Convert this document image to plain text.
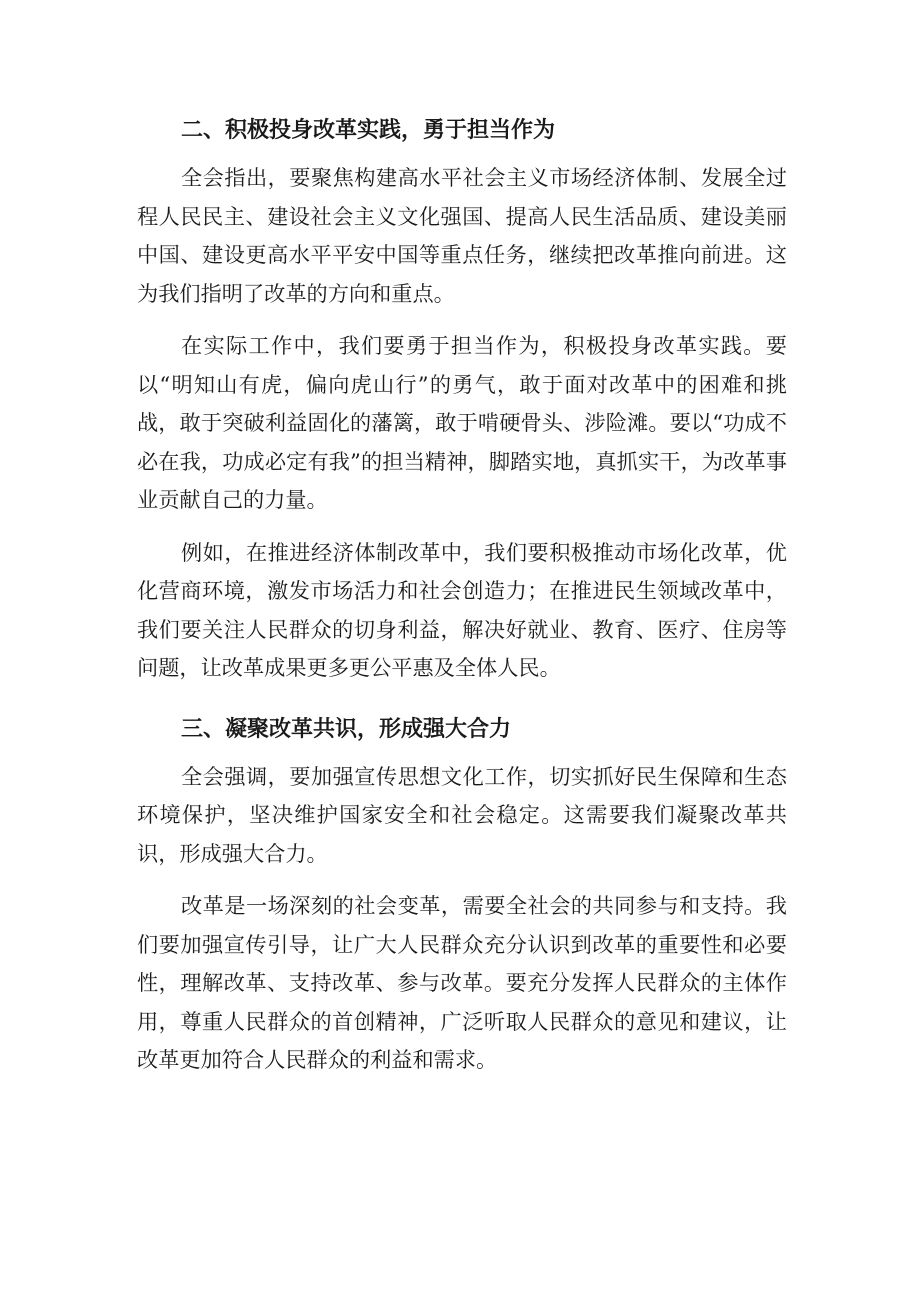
二、积极投身改革实践，勇于担当作为

全会指出，要聚焦构建高水平社会主义市场经济体制、发展全过程人民民主、建设社会主义文化强国、提高人民生活品质、建设美丽中国、建设更高水平平安中国等重点任务，继续把改革推向前进。这为我们指明了改革的方向和重点。

在实际工作中，我们要勇于担当作为，积极投身改革实践。要以“明知山有虎，偏向虎山行”的勇气，敢于面对改革中的困难和挑战，敢于突破利益固化的藩篱，敢于啃硬骨头、涉险滩。要以“功成不必在我，功成必定有我”的担当精神，脚踏实地，真抓实干，为改革事业贡献自己的力量。

例如，在推进经济体制改革中，我们要积极推动市场化改革，优化营商环境，激发市场活力和社会创造力；在推进民生领域改革中，我们要关注人民群众的切身利益，解决好就业、教育、医疗、住房等问题，让改革成果更多更公平惠及全体人民。

三、凝聚改革共识，形成强大合力

全会强调，要加强宣传思想文化工作，切实抓好民生保障和生态环境保护，坚决维护国家安全和社会稳定。这需要我们凝聚改革共识，形成强大合力。

改革是一场深刻的社会变革，需要全社会的共同参与和支持。我们要加强宣传引导，让广大人民群众充分认识到改革的重要性和必要性，理解改革、支持改革、参与改革。要充分发挥人民群众的主体作用，尊重人民群众的首创精神，广泛听取人民群众的意见和建议，让改革更加符合人民群众的利益和需求。
